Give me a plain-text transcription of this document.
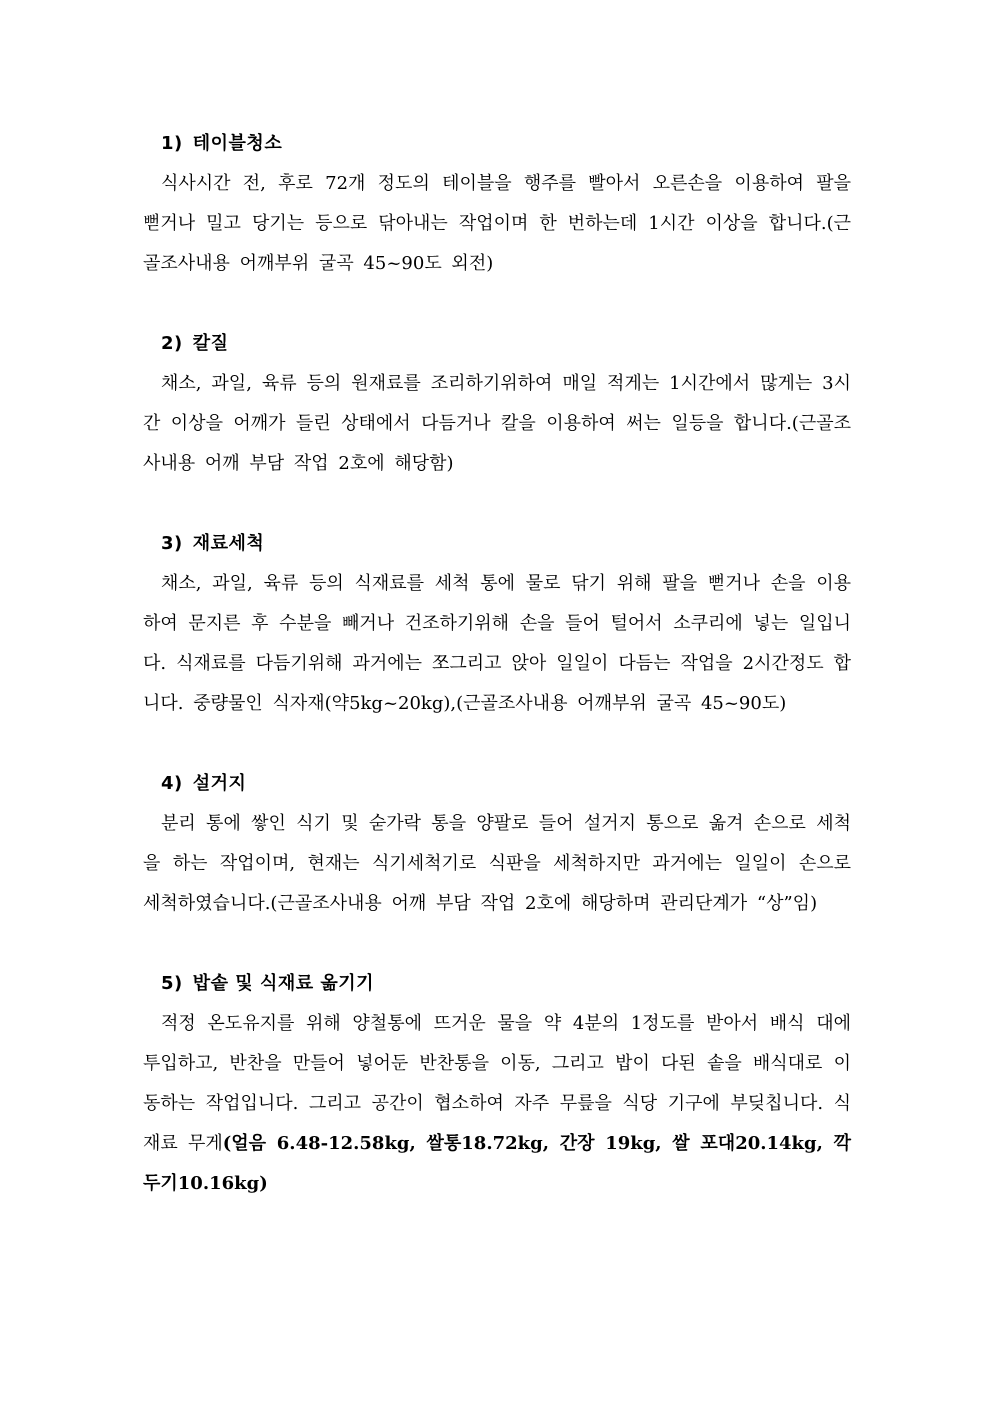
1) 테이블청소

식사시간 전, 후로 72개 정도의 테이블을 행주를 빨아서 오른손을 이용하여 팔을 뻗거나 밀고 당기는 등으로 닦아내는 작업이며 한 번하는데 1시간 이상을 합니다.(근골조사내용 어깨부위 굴곡 45~90도 외전)

2) 칼질

채소, 과일, 육류 등의 원재료를 조리하기위하여 매일 적게는 1시간에서 많게는 3시간 이상을 어깨가 들린 상태에서 다듬거나 칼을 이용하여 써는 일등을 합니다.(근골조사내용 어깨 부담 작업 2호에 해당함)

3) 재료세척

채소, 과일, 육류 등의 식재료를 세척 통에 물로 닦기 위해 팔을 뻗거나 손을 이용하여 문지른 후 수분을 빼거나 건조하기위해 손을 들어 털어서 소쿠리에 넣는 일입니다. 식재료를 다듬기위해 과거에는 쪼그리고 앉아 일일이 다듬는 작업을 2시간정도 합니다. 중량물인 식자재(약5kg~20kg),(근골조사내용 어깨부위 굴곡 45~90도)

4) 설거지

분리 통에 쌓인 식기 및 숟가락 통을 양팔로 들어 설거지 통으로 옮겨 손으로 세척을 하는 작업이며, 현재는 식기세척기로 식판을 세척하지만 과거에는 일일이 손으로 세척하였습니다.(근골조사내용 어깨 부담 작업 2호에 해당하며 관리단계가 “상”임)

5) 밥솥 및 식재료 옮기기

적정 온도유지를 위해 양철통에 뜨거운 물을 약 4분의 1정도를 받아서 배식 대에 투입하고, 반찬을 만들어 넣어둔 반찬통을 이동, 그리고 밥이 다된 솥을 배식대로 이동하는 작업입니다. 그리고 공간이 협소하여 자주 무릎을 식당 기구에 부딪칩니다. 식재료 무게(얼음 6.48-12.58kg, 쌀통18.72kg, 간장 19kg, 쌀 포대20.14kg, 깍두기10.16kg)
